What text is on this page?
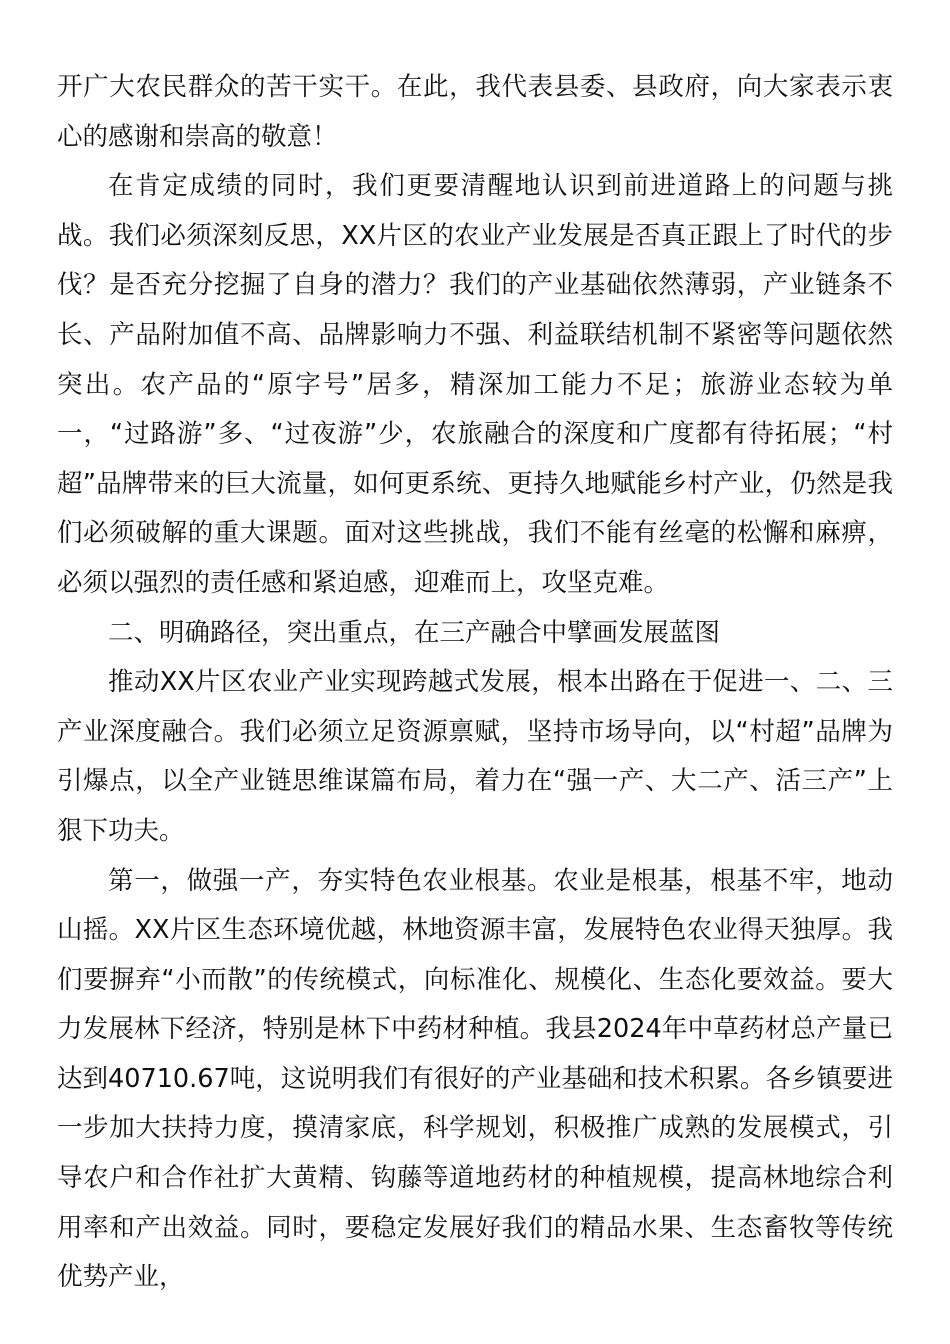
开广大农民群众的苦干实干。在此，我代表县委、县政府，向大家表示衷心的感谢和崇高的敬意！

在肯定成绩的同时，我们更要清醒地认识到前进道路上的问题与挑战。我们必须深刻反思，XX片区的农业产业发展是否真正跟上了时代的步伐？是否充分挖掘了自身的潜力？我们的产业基础依然薄弱，产业链条不长、产品附加值不高、品牌影响力不强、利益联结机制不紧密等问题依然突出。农产品的“原字号”居多，精深加工能力不足；旅游业态较为单一，“过路游”多、“过夜游”少，农旅融合的深度和广度都有待拓展；“村超”品牌带来的巨大流量，如何更系统、更持久地赋能乡村产业，仍然是我们必须破解的重大课题。面对这些挑战，我们不能有丝毫的松懈和麻痹，必须以强烈的责任感和紧迫感，迎难而上，攻坚克难。

二、明确路径，突出重点，在三产融合中擘画发展蓝图

推动XX片区农业产业实现跨越式发展，根本出路在于促进一、二、三产业深度融合。我们必须立足资源禀赋，坚持市场导向，以“村超”品牌为引爆点，以全产业链思维谋篇布局，着力在“强一产、大二产、活三产”上狠下功夫。

第一，做强一产，夯实特色农业根基。农业是根基，根基不牢，地动山摇。XX片区生态环境优越，林地资源丰富，发展特色农业得天独厚。我们要摒弃“小而散”的传统模式，向标准化、规模化、生态化要效益。要大力发展林下经济，特别是林下中药材种植。我县2024年中草药材总产量已达到40710.67吨，这说明我们有很好的产业基础和技术积累。各乡镇要进一步加大扶持力度，摸清家底，科学规划，积极推广成熟的发展模式，引导农户和合作社扩大黄精、钩藤等道地药材的种植规模，提高林地综合利用率和产出效益。同时，要稳定发展好我们的精品水果、生态畜牧等传统优势产业，
